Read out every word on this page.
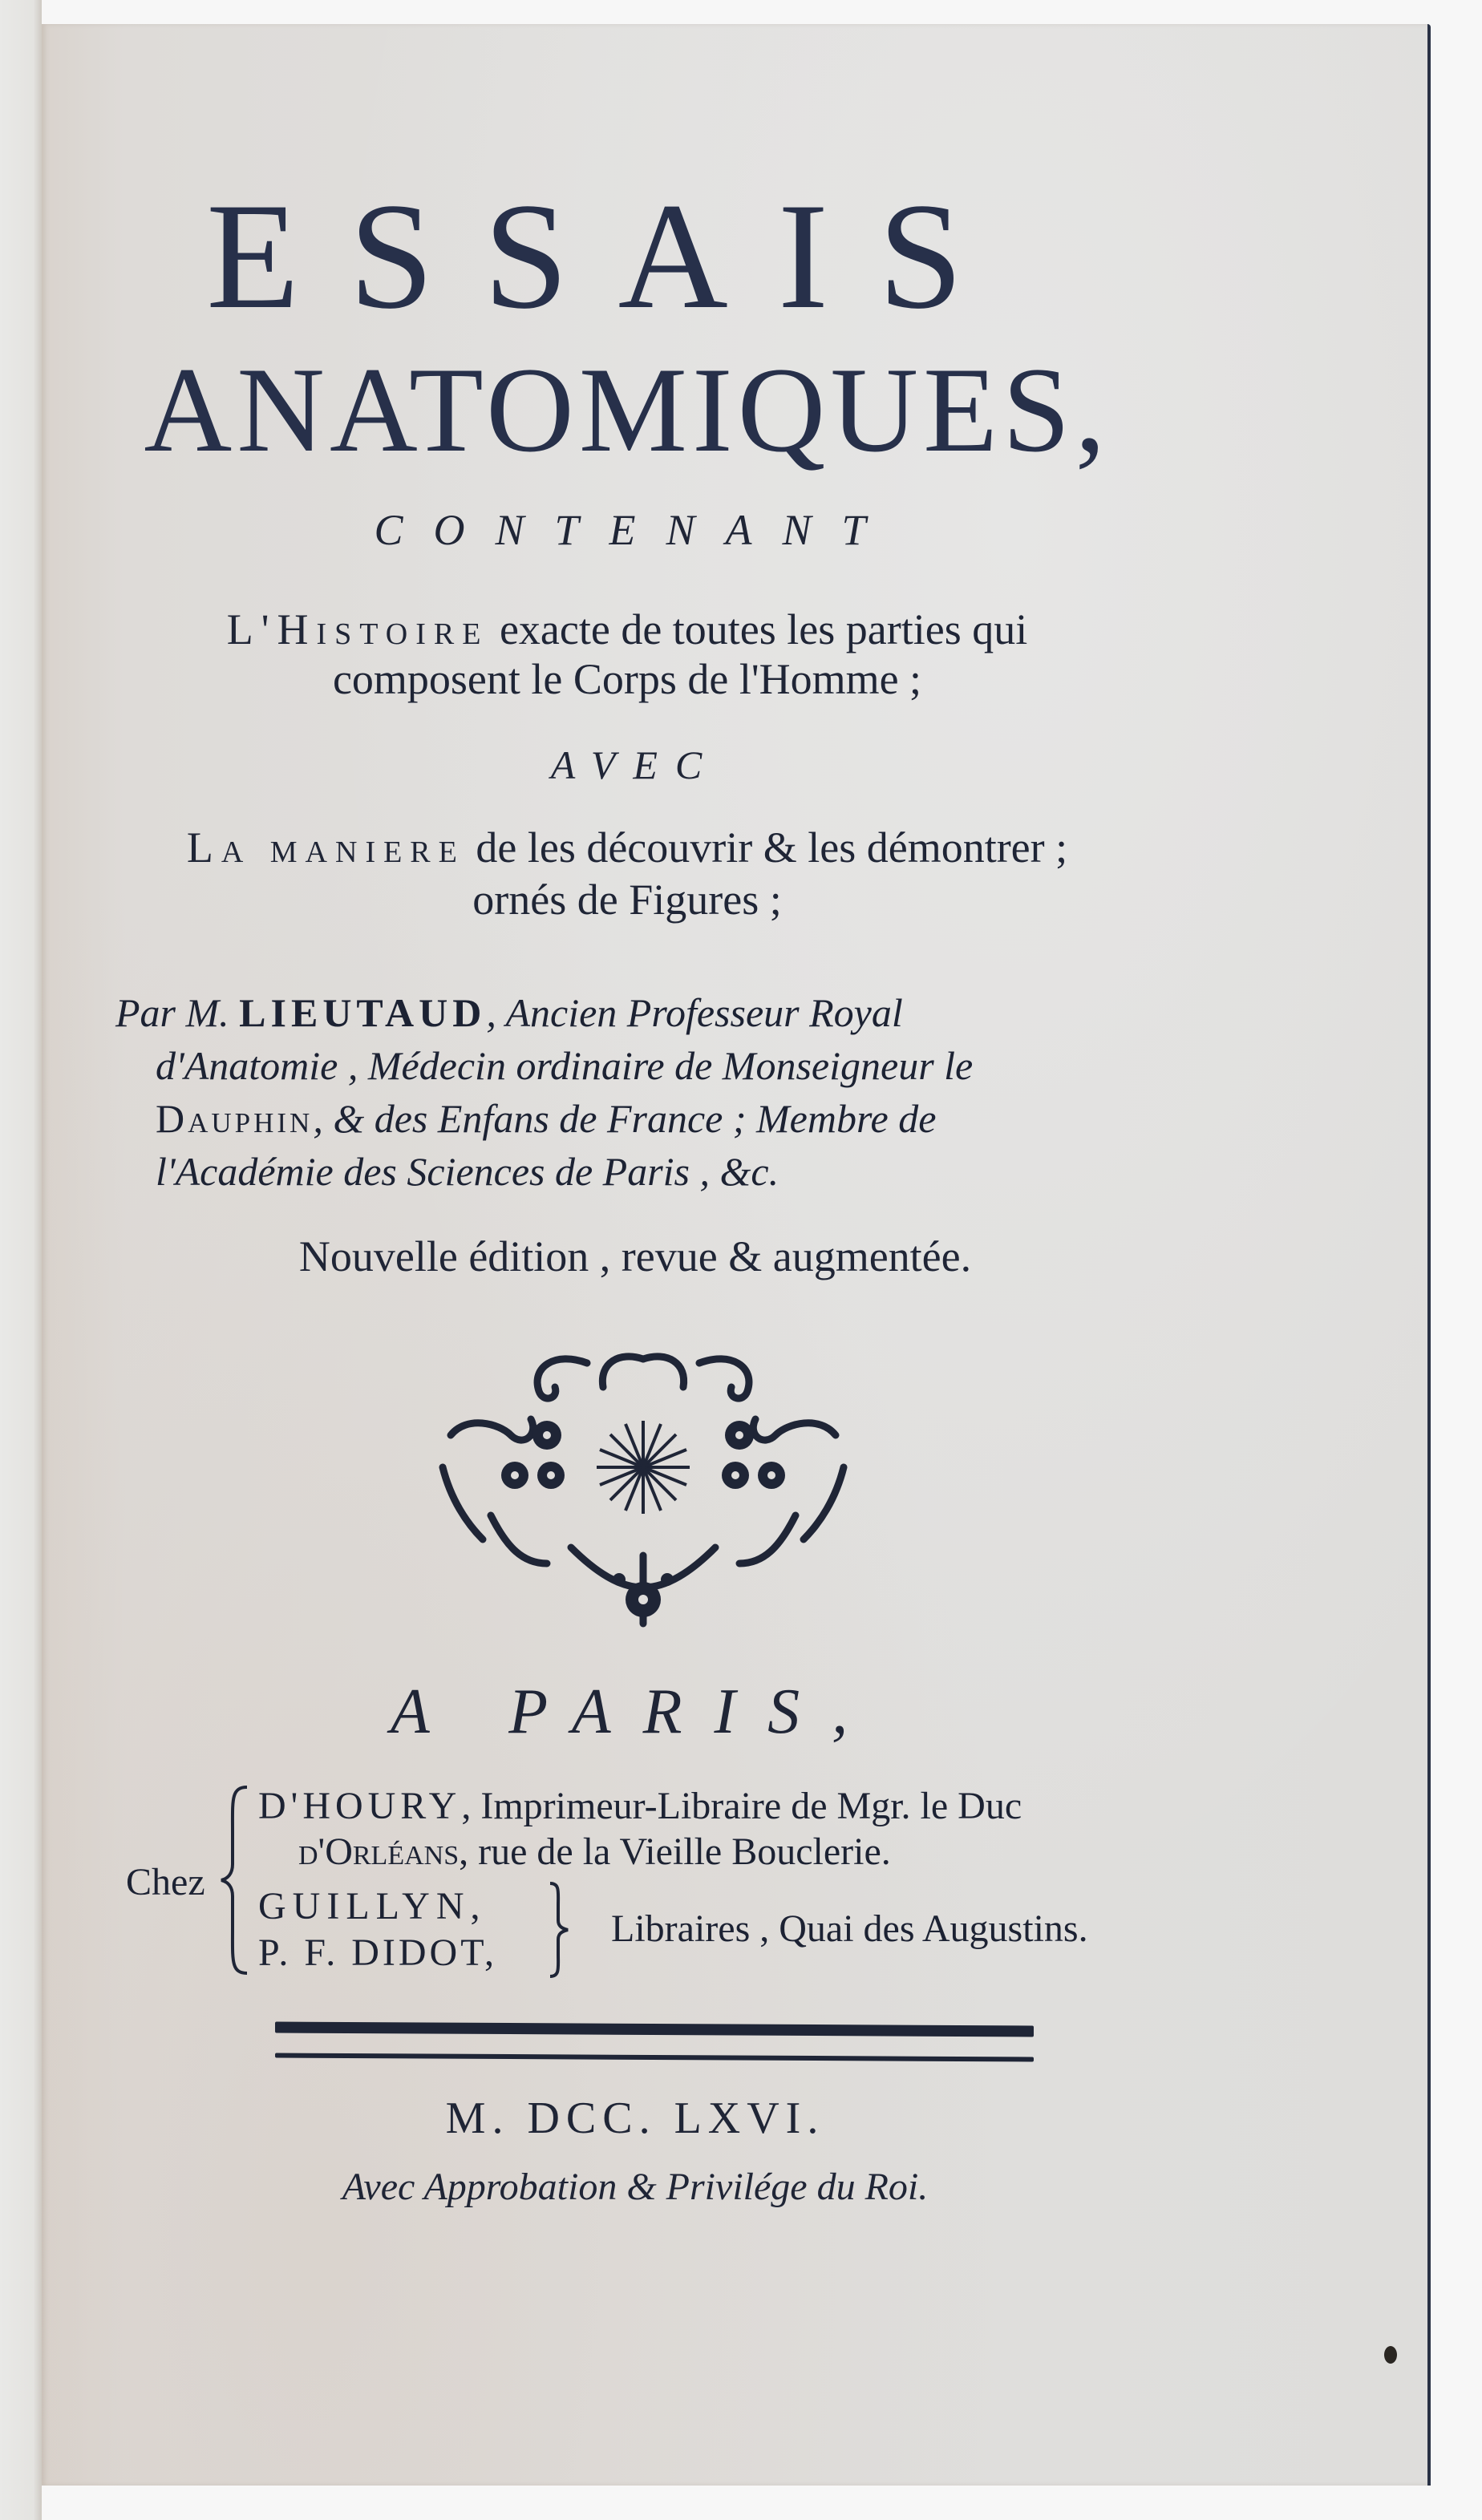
ESSAIS
ANATOMIQUES,
CONTENANT
L'Histoire exacte de toutes les parties qui
composent le Corps de l'Homme ;
AVEC
La maniere de les découvrir & les démontrer ;
ornés de Figures ;
Par M. LIEUTAUD, Ancien Professeur Royal
d'Anatomie , Médecin ordinaire de Monseigneur le
Dauphin, & des Enfans de France ; Membre de
l'Académie des Sciences de Paris , &c.
Nouvelle édition , revue & augmentée.
A PARIS,
Chez
D'HOURY, Imprimeur-Libraire de Mgr. le Duc
d'Orléans, rue de la Vieille Bouclerie.
GUILLYN,
P. F. DIDOT,
Libraires , Quai des Augustins.
M. DCC. LXVI.
Avec Approbation & Privilége du Roi.
